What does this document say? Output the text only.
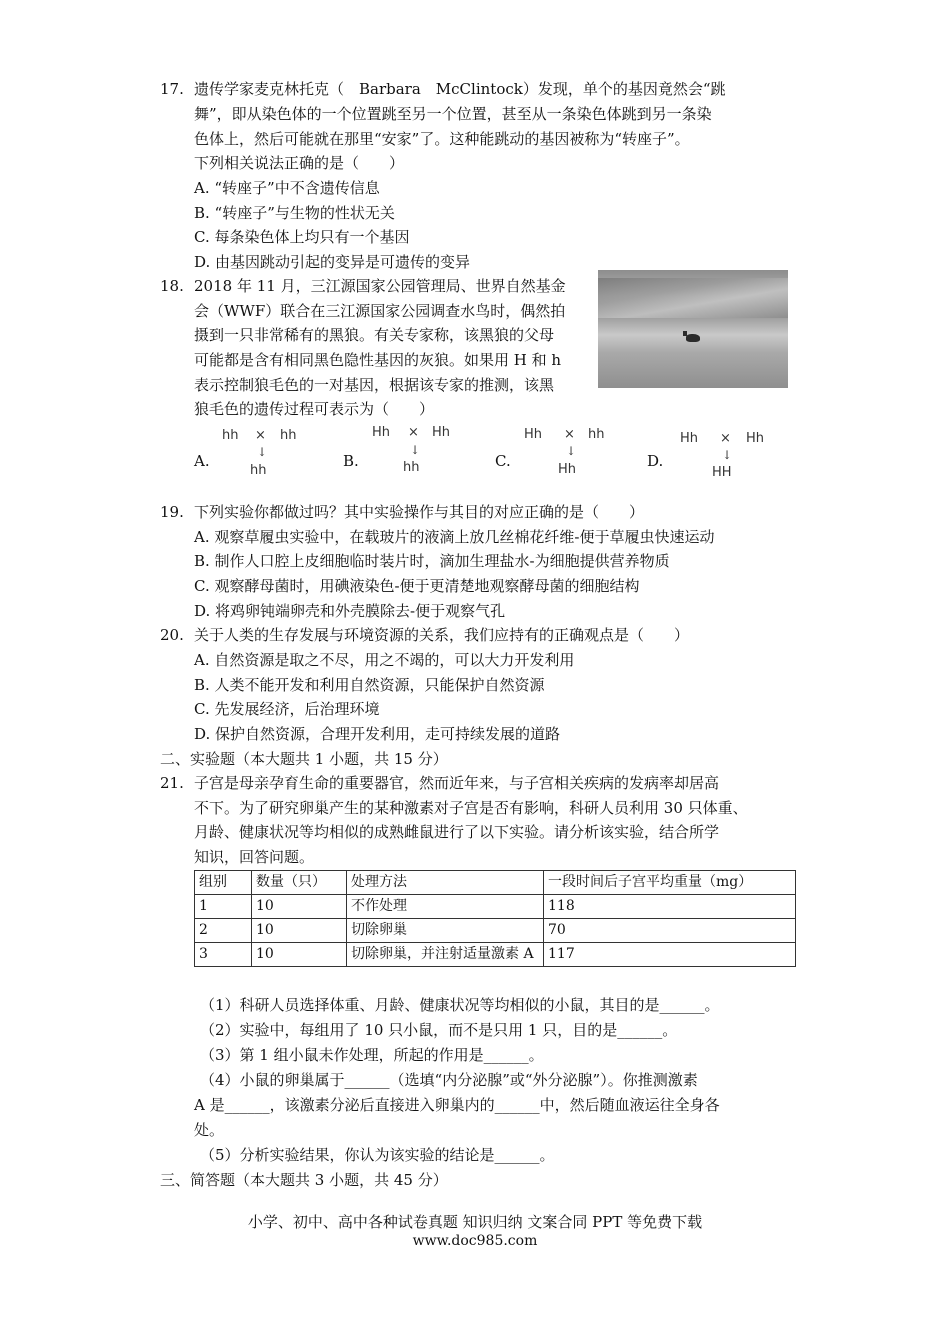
17. 遗传学家麦克林托克（　Barbara　McClintock）发现，单个的基因竟然会“跳
舞”，即从染色体的一个位置跳至另一个位置，甚至从一条染色体跳到另一条染
色体上，然后可能就在那里“安家”了。这种能跳动的基因被称为“转座子”。
下列相关说法正确的是（　　）
A. “转座子”中不含遗传信息
B. “转座子”与生物的性状无关
C. 每条染色体上均只有一个基因
D. 由基因跳动引起的变异是可遗传的变异
18. 2018 年 11 月，三江源国家公园管理局、世界自然基金
会（WWF）联合在三江源国家公园调查水鸟时，偶然拍
摄到一只非常稀有的黑狼。有关专家称，该黑狼的父母
可能都是含有相同黑色隐性基因的灰狼。如果用 H 和 h
表示控制狼毛色的一对基因，根据该专家的推测，该黑
狼毛色的遗传过程可表示为（　　）
A.
hh × hh
↓
hh
B.
Hh × Hh
↓
hh	C.
Hh × hh
↓
Hh	D.
Hh × Hh
↓
HH
19. 下列实验你都做过吗？其中实验操作与其目的对应正确的是（　　）
A. 观察草履虫实验中，在载玻片的液滴上放几丝棉花纤维-便于草履虫快速运动
B. 制作人口腔上皮细胞临时装片时，滴加生理盐水-为细胞提供营养物质
C. 观察酵母菌时，用碘液染色-便于更清楚地观察酵母菌的细胞结构
D. 将鸡卵钝端卵壳和外壳膜除去-便于观察气孔
20. 关于人类的生存发展与环境资源的关系，我们应持有的正确观点是（　　）
A. 自然资源是取之不尽，用之不竭的，可以大力开发利用
B. 人类不能开发和利用自然资源，只能保护自然资源
C. 先发展经济，后治理环境
D. 保护自然资源，合理开发利用，走可持续发展的道路
二、实验题（本大题共 1 小题，共 15 分）
21. 子宫是母亲孕育生命的重要器官，然而近年来，与子宫相关疾病的发病率却居高
不下。为了研究卵巢产生的某种激素对子宫是否有影响，科研人员利用 30 只体重、
月龄、健康状况等均相似的成熟雌鼠进行了以下实验。请分析该实验，结合所学
知识，回答问题。
组别	数量（只）	处理方法	一段时间后子宫平均重量（mg）
1	10	不作处理	118
2	10	切除卵巢	70
3	10	切除卵巢，并注射适量激素 A	117
（1）科研人员选择体重、月龄、健康状况等均相似的小鼠，其目的是______。
（2）实验中，每组用了 10 只小鼠，而不是只用 1 只，目的是______。
（3）第 1 组小鼠未作处理，所起的作用是______。
（4）小鼠的卵巢属于______（选填“内分泌腺”或“外分泌腺”）。你推测激素
A 是______，该激素分泌后直接进入卵巢内的______中，然后随血液运往全身各
处。
（5）分析实验结果，你认为该实验的结论是______。
三、简答题（本大题共 3 小题，共 45 分）
小学、初中、高中各种试卷真题 知识归纳 文案合同 PPT 等免费下载
www.doc985.com
